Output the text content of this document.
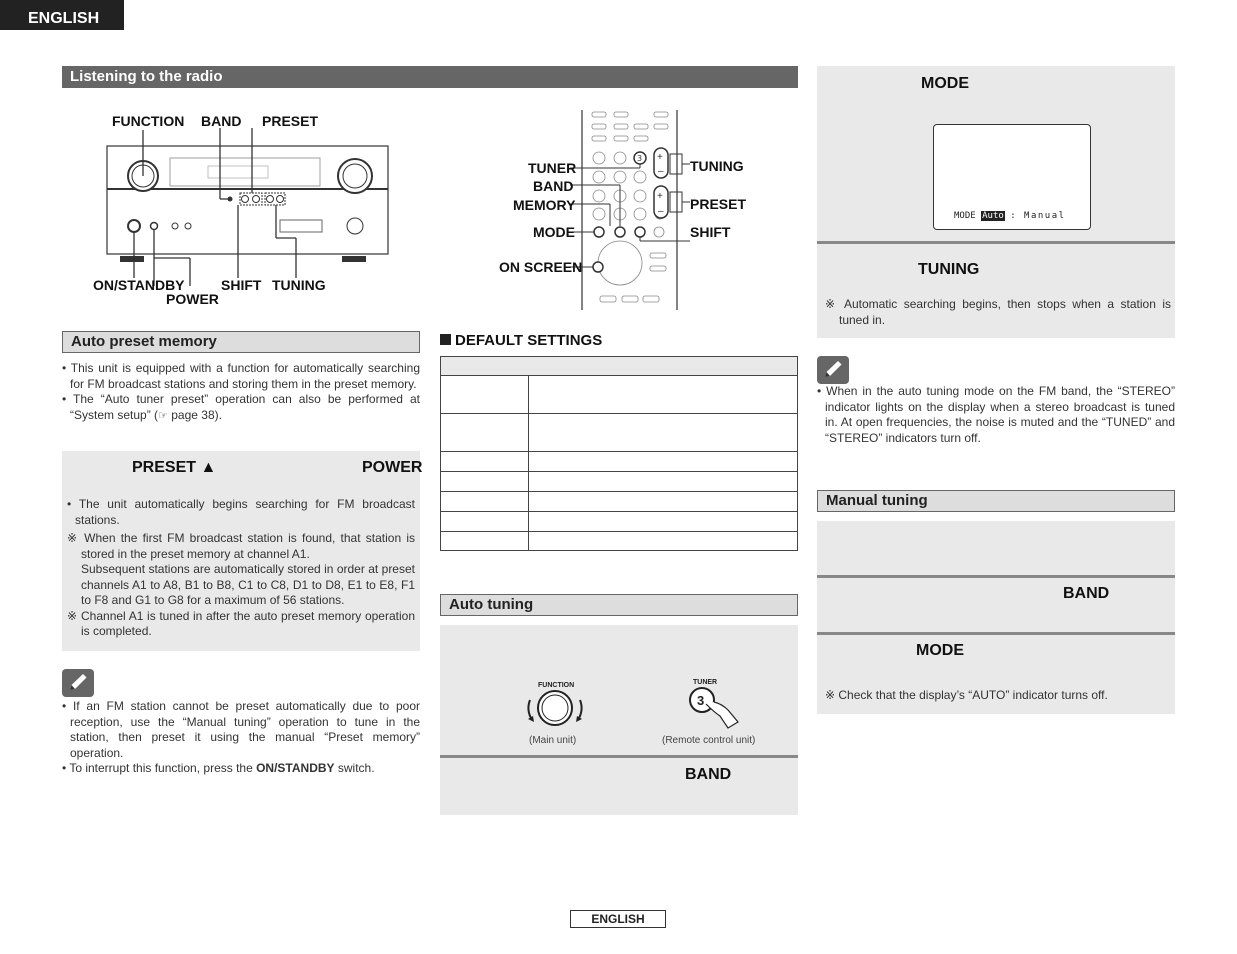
ENGLISH
Listening to the radio
FUNCTION BAND PRESET
ON/STANDBY
POWER
SHIFT TUNING
3 +
–
+
–
TUNER
BAND
MEMORY
MODE
ON SCREEN
TUNING
PRESET
SHIFT
Auto preset memory

• This unit is equipped with a function for automatically searching for FM broadcast stations and storing them in the preset memory.

• The “Auto tuner preset” operation can also be performed at “System setup” (☞ page 38).

PRESET ▲	POWER

• The unit automatically begins searching for FM broadcast stations.

※ When the first FM broadcast station is found, that station is stored in the preset memory at channel A1.

Subsequent stations are automatically stored in order at preset channels A1 to A8, B1 to B8, C1 to C8, D1 to D8, E1 to E8, F1 to F8 and G1 to G8 for a maximum of 56 stations.

※ Channel A1 is tuned in after the auto preset memory operation is completed.

• If an FM station cannot be preset automatically due to poor reception, use the “Manual tuning” operation to tune in the station, then preset it using the manual “Preset memory” operation.

• To interrupt this function, press the ON/STANDBY switch.

DEFAULT SETTINGS

Auto tuning
FUNCTION	TUNER
3
(Main unit)	(Remote control unit)
BAND
MODE
MODE Auto : Manual
TUNING

※ Automatic searching begins, then stops when a station is tuned in.

• When in the auto tuning mode on the FM band, the “STEREO” indicator lights on the display when a stereo broadcast is tuned in. At open frequencies, the noise is muted and the “TUNED” and “STEREO” indicators turn off.

Manual tuning
BAND
MODE

※ Check that the display’s “AUTO” indicator turns off.

ENGLISH
